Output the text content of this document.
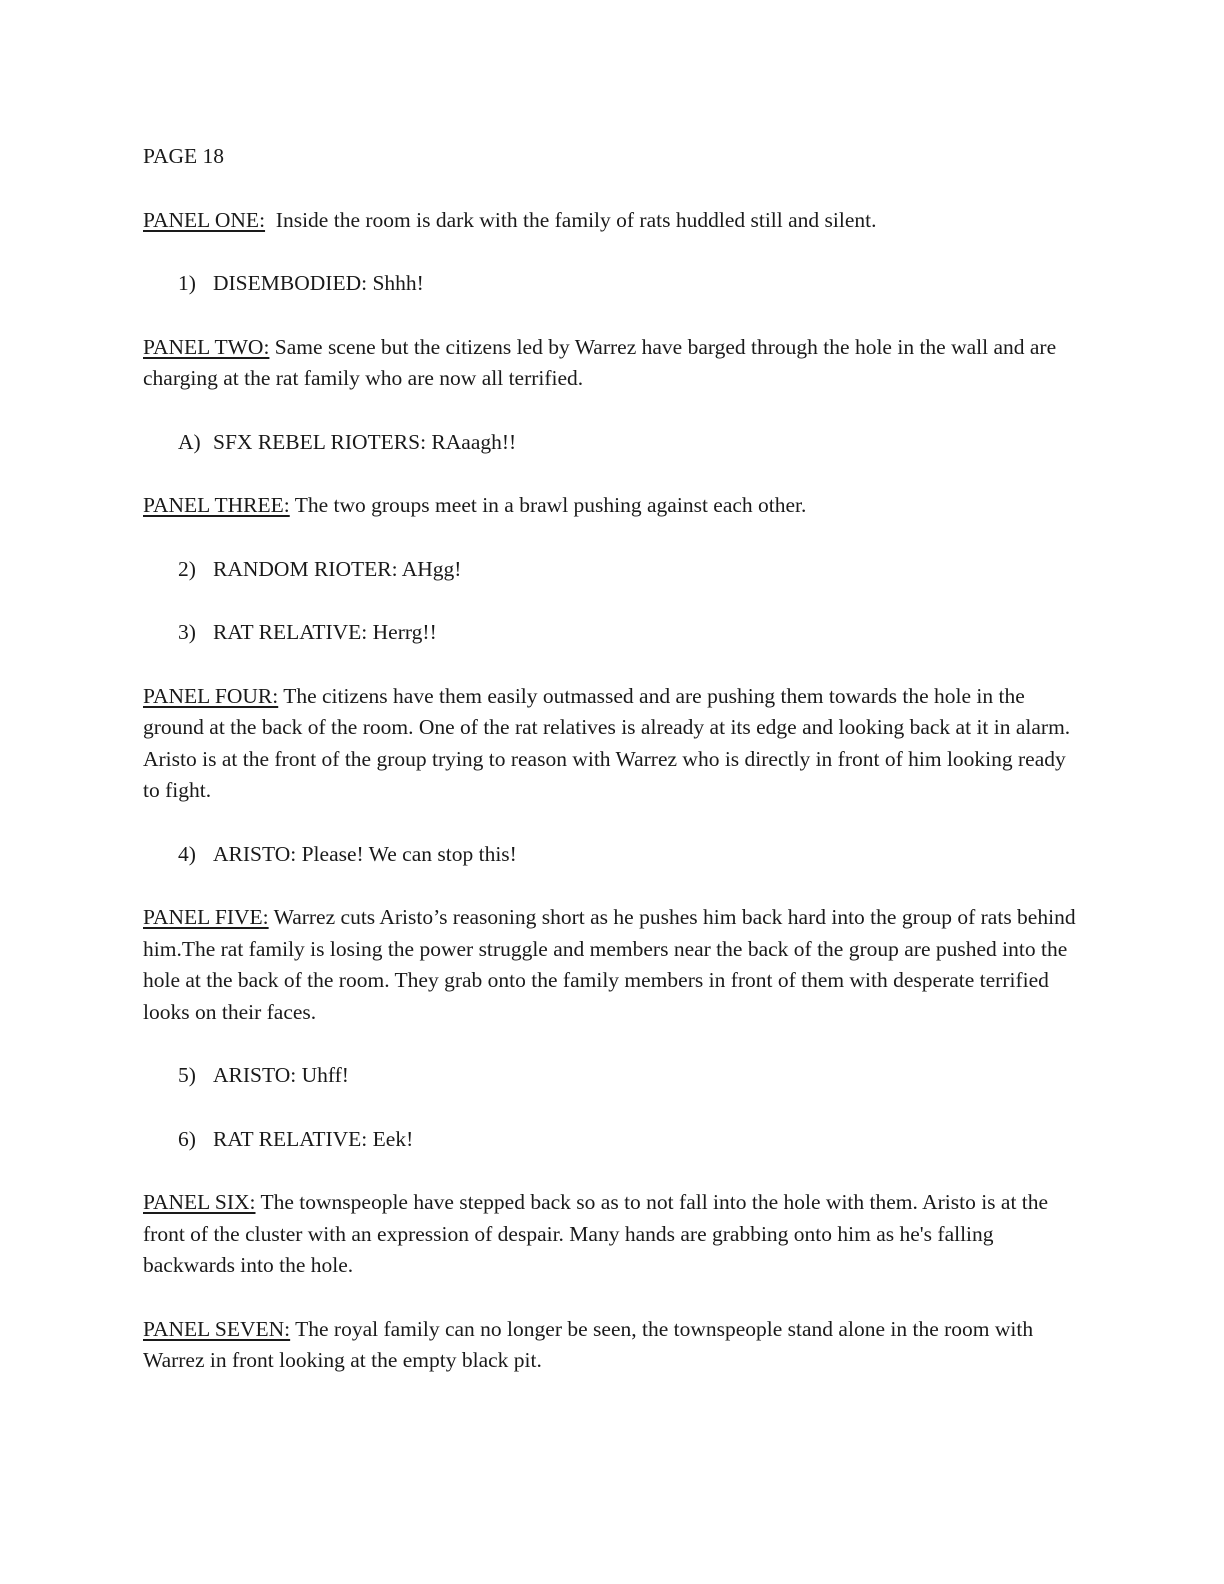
PAGE 18

PANEL ONE:  Inside the room is dark with the family of rats huddled still and silent.

1) DISEMBODIED: Shhh!

PANEL TWO: Same scene but the citizens led by Warrez have barged through the hole in the wall and are charging at the rat family who are now all terrified.

A) SFX REBEL RIOTERS: RAaagh!!

PANEL THREE: The two groups meet in a brawl pushing against each other.

2) RANDOM RIOTER: AHgg!
3) RAT RELATIVE: Herrg!!

PANEL FOUR: The citizens have them easily outmassed and are pushing them towards the hole in the ground at the back of the room. One of the rat relatives is already at its edge and looking back at it in alarm. Aristo is at the front of the group trying to reason with Warrez who is directly in front of him looking ready to fight.

4) ARISTO: Please! We can stop this!

PANEL FIVE: Warrez cuts Aristo’s reasoning short as he pushes him back hard into the group of rats behind him.The rat family is losing the power struggle and members near the back of the group are pushed into the hole at the back of the room. They grab onto the family members in front of them with desperate terrified looks on their faces.

5) ARISTO: Uhff!
6) RAT RELATIVE: Eek!

PANEL SIX: The townspeople have stepped back so as to not fall into the hole with them. Aristo is at the front of the cluster with an expression of despair. Many hands are grabbing onto him as he's falling backwards into the hole.

PANEL SEVEN: The royal family can no longer be seen, the townspeople stand alone in the room with Warrez in front looking at the empty black pit.
